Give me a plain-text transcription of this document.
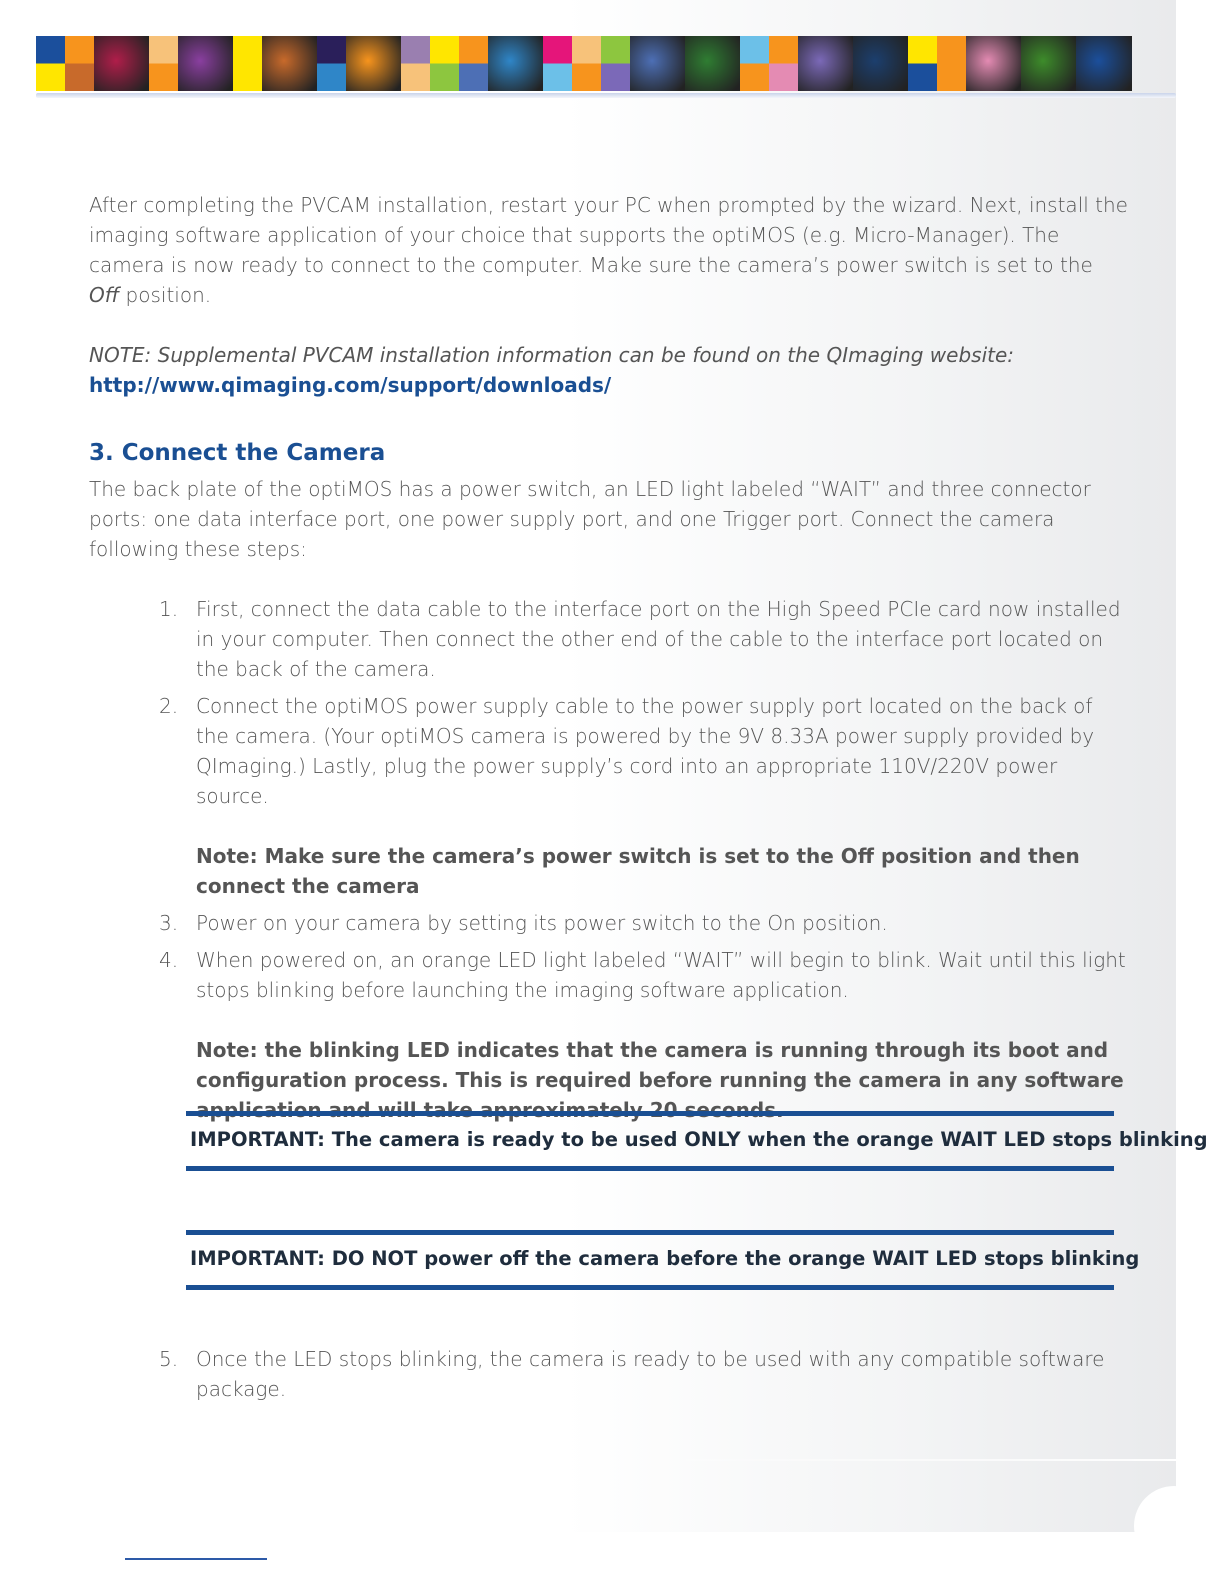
After completing the PVCAM installation, restart your PC when prompted by the wizard. Next, install the imaging software application of your choice that supports the optiMOS (e.g. Micro-Manager). The camera is now ready to connect to the computer. Make sure the camera’s power switch is set to the Off position.

NOTE: Supplemental PVCAM installation information can be found on the QImaging website:

http://www.qimaging.com/support/downloads/
3. Connect the Camera

The back plate of the optiMOS has a power switch, an LED light labeled “WAIT” and three connector ports: one data interface port, one power supply port, and one Trigger port. Connect the camera following these steps:

1. First, connect the data cable to the interface port on the High Speed PCIe card now installed in your computer. Then connect the other end of the cable to the interface port located on the back of the camera.
2. Connect the optiMOS power supply cable to the power supply port located on the back of the camera. (Your optiMOS camera is powered by the 9V 8.33A power supply provided by QImaging.) Lastly, plug the power supply’s cord into an appropriate 110V/220V power source.
Note: Make sure the camera’s power switch is set to the Off position and then connect the camera
3. Power on your camera by setting its power switch to the On position.
4. When powered on, an orange LED light labeled “WAIT” will begin to blink. Wait until this light stops blinking before launching the imaging software application.
Note: the blinking LED indicates that the camera is running through its boot and configuration process. This is required before running the camera in any software application and will take approximately 20 seconds.
IMPORTANT: The camera is ready to be used ONLY when the orange WAIT LED stops blinking
IMPORTANT: DO NOT power off the camera before the orange WAIT LED stops blinking
5. Once the LED stops blinking, the camera is ready to be used with any compatible software package.
